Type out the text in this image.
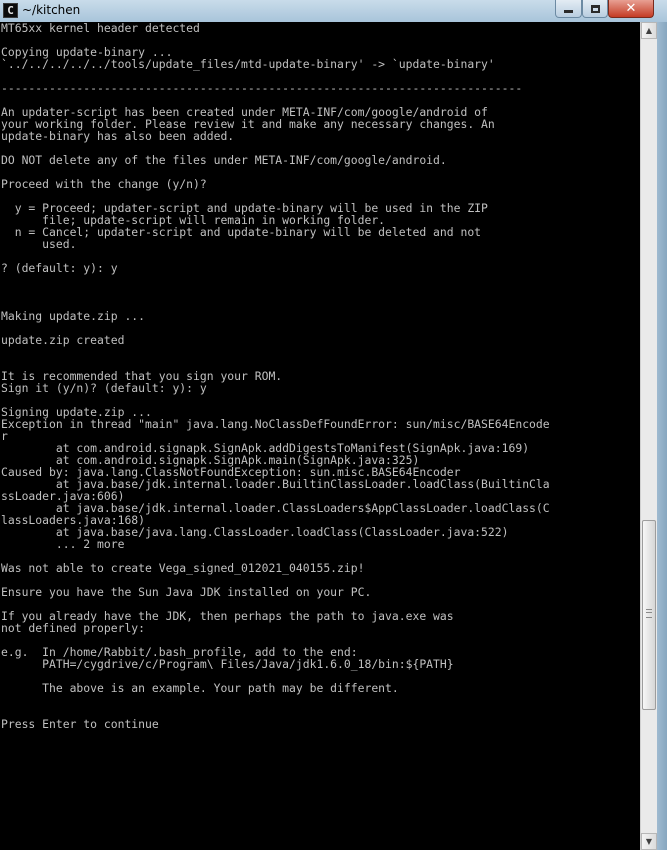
C ~/kitchen	✕
MT65xx kernel header detected
Copying update-binary ...
`../../../../../tools/update_files/mtd-update-binary' -> `update-binary'
----------------------------------------------------------------------------
An updater-script has been created under META-INF/com/google/android of
your working folder. Please review it and make any necessary changes. An
update-binary has also been added.
DO NOT delete any of the files under META-INF/com/google/android.
Proceed with the change (y/n)?
y = Proceed; updater-script and update-binary will be used in the ZIP
file; update-script will remain in working folder.
n = Cancel; updater-script and update-binary will be deleted and not
used.
? (default: y): y
Making update.zip ...
update.zip created
It is recommended that you sign your ROM.
Sign it (y/n)? (default: y): y
Signing update.zip ...
Exception in thread "main" java.lang.NoClassDefFoundError: sun/misc/BASE64Encode
r
at com.android.signapk.SignApk.addDigestsToManifest(SignApk.java:169)
at com.android.signapk.SignApk.main(SignApk.java:325)
Caused by: java.lang.ClassNotFoundException: sun.misc.BASE64Encoder
at java.base/jdk.internal.loader.BuiltinClassLoader.loadClass(BuiltinCla
ssLoader.java:606)
at java.base/jdk.internal.loader.ClassLoaders$AppClassLoader.loadClass(C
lassLoaders.java:168)
at java.base/java.lang.ClassLoader.loadClass(ClassLoader.java:522)
... 2 more
Was not able to create Vega_signed_012021_040155.zip!
Ensure you have the Sun Java JDK installed on your PC.
If you already have the JDK, then perhaps the path to java.exe was
not defined properly:
e.g.  In /home/Rabbit/.bash_profile, add to the end:
PATH=/cygdrive/c/Program\ Files/Java/jdk1.6.0_18/bin:${PATH}
The above is an example. Your path may be different.
Press Enter to continue
▲
▼
